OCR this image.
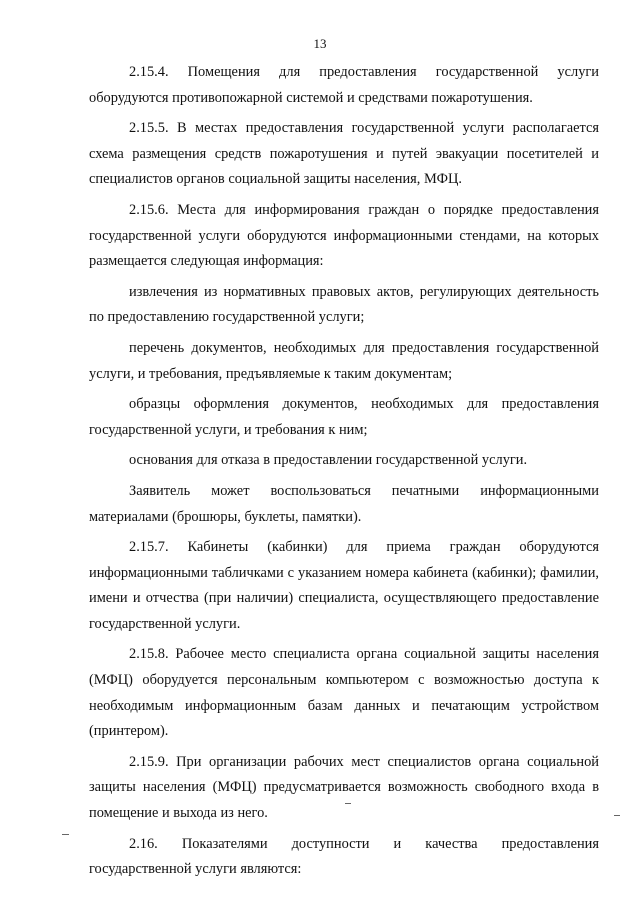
13

2.15.4. Помещения для предоставления государственной услуги оборудуются противопожарной системой и средствами пожаротушения.

2.15.5. В местах предоставления государственной услуги располагается схема размещения средств пожаротушения и путей эвакуации посетителей и специалистов органов социальной защиты населения, МФЦ.

2.15.6. Места для информирования граждан о порядке предоставления государственной услуги оборудуются информационными стендами, на которых размещается следующая информация:

извлечения из нормативных правовых актов, регулирующих деятельность по предоставлению государственной услуги;

перечень документов, необходимых для предоставления государственной услуги, и требования, предъявляемые к таким документам;

образцы оформления документов, необходимых для предоставления государственной услуги, и требования к ним;

основания для отказа в предоставлении государственной услуги.

Заявитель может воспользоваться печатными информационными материалами (брошюры, буклеты, памятки).

2.15.7. Кабинеты (кабинки) для приема граждан оборудуются информационными табличками с указанием номера кабинета (кабинки); фамилии, имени и отчества (при наличии) специалиста, осуществляющего предоставление государственной услуги.

2.15.8. Рабочее место специалиста органа социальной защиты населения (МФЦ) оборудуется персональным компьютером с возможностью доступа к необходимым информационным базам данных и печатающим устройством (принтером).

2.15.9. При организации рабочих мест специалистов органа социальной защиты населения (МФЦ) предусматривается возможность свободного входа в помещение и выхода из него.

2.16. Показателями доступности и качества предоставления государственной услуги являются:
